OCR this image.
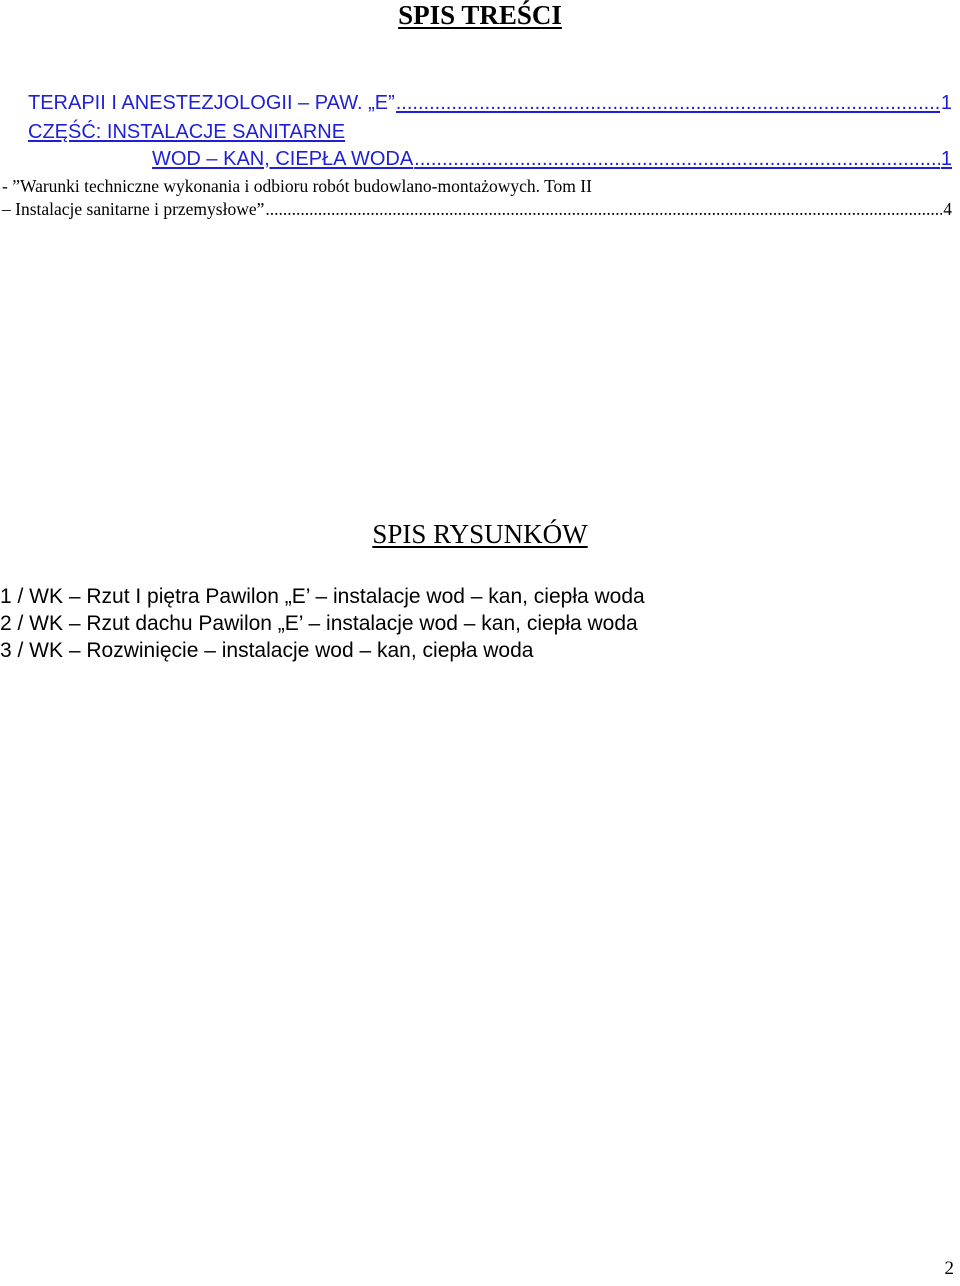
SPIS TREŚCI
TERAPII I ANESTEZJOLOGII – PAW. „E” .....	1
CZĘŚĆ: INSTALACJE SANITARNE
WOD – KAN, CIEPŁA WODA .....	1
- ”Warunki techniczne wykonania i odbioru robót budowlano-montażowych. Tom II
– Instalacje sanitarne i przemysłowe” .....	4
SPIS RYSUNKÓW
1 / WK – Rzut I piętra Pawilon „E’ – instalacje wod – kan, ciepła woda
2 / WK – Rzut dachu Pawilon „E’ – instalacje wod – kan, ciepła woda
3 / WK – Rozwinięcie – instalacje wod – kan, ciepła woda
2
